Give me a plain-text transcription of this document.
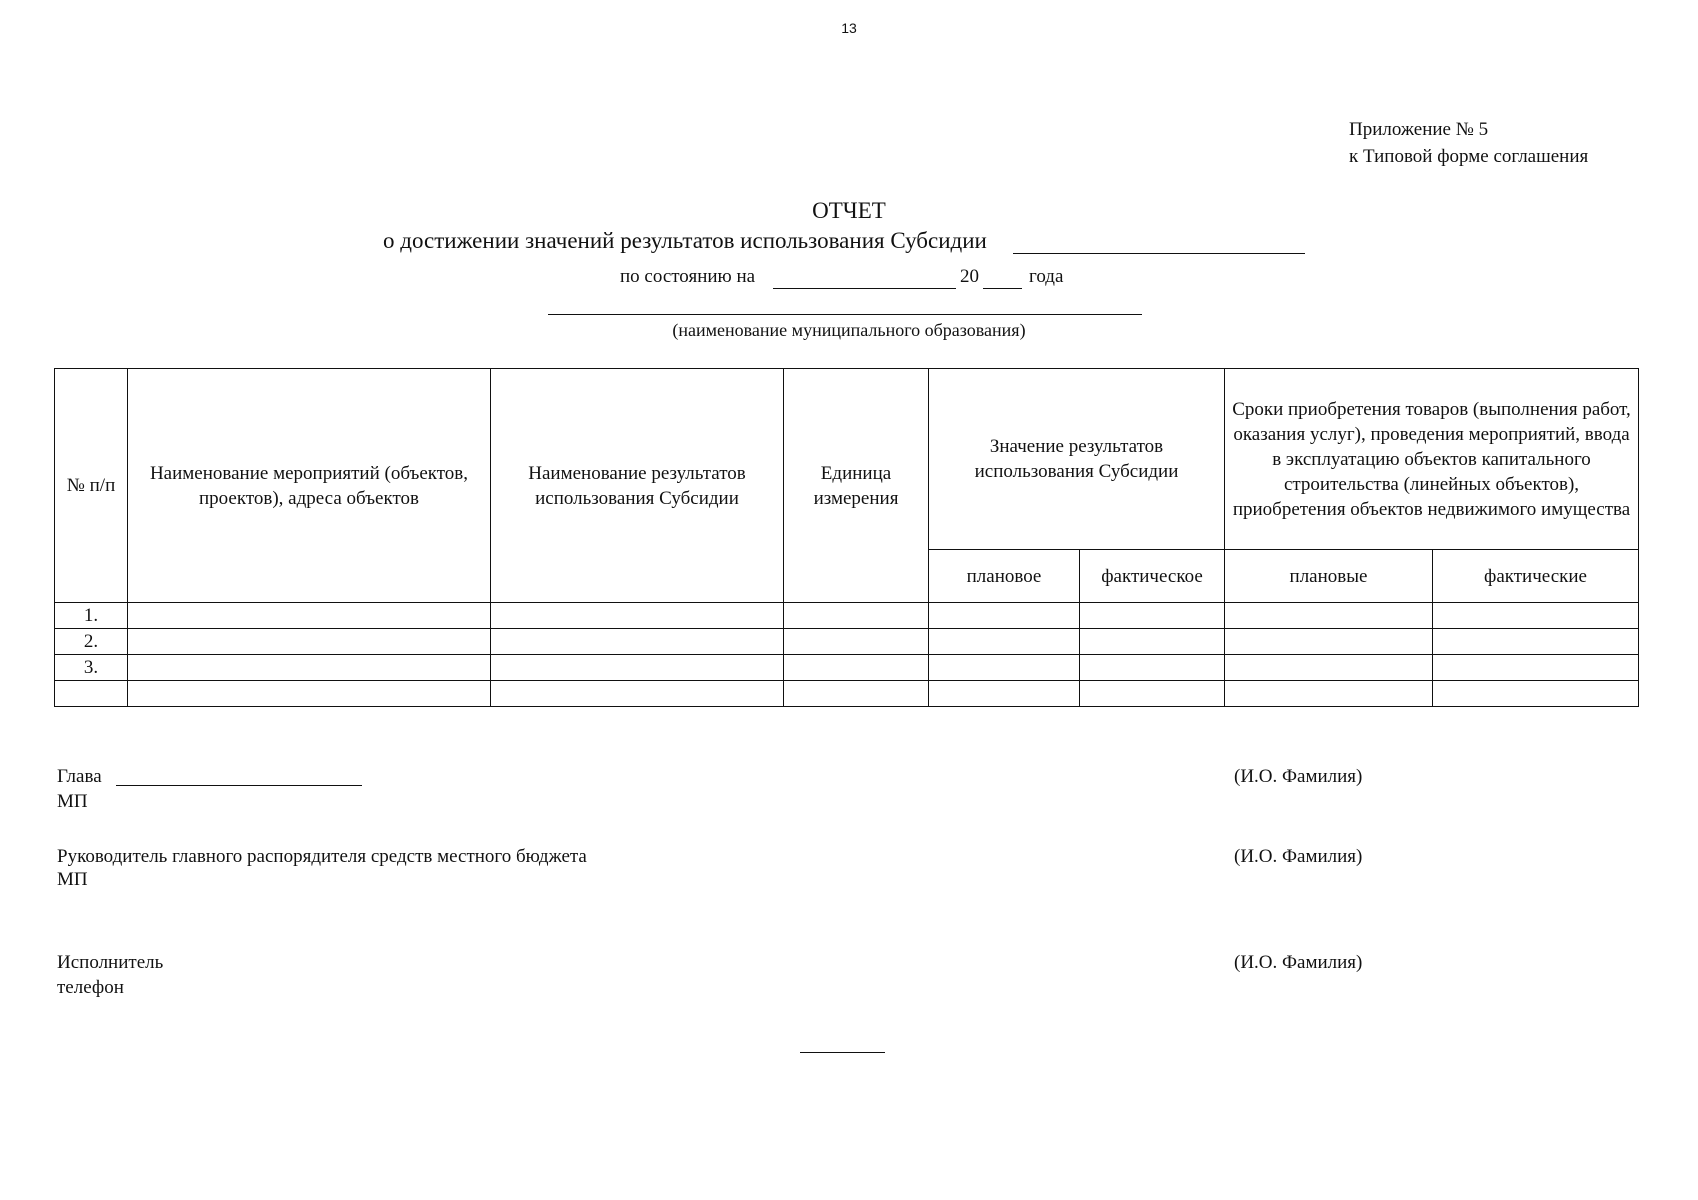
13
Приложение № 5
к Типовой форме соглашения
ОТЧЕТ
о достижении значений результатов использования Субсидии
по состоянию на	20	года
(наименование муниципального образования)
№ п/п	Наименование мероприятий (объектов, проектов), адреса объектов	Наименование результатов использования Субсидии	Единица измерения	Значение результатов использования Субсидии		Сроки приобретения товаров (выполнения работ, оказания услуг), проведения мероприятий, ввода в эксплуатацию объектов капитального строительства (линейных объектов), приобретения объектов недвижимого имущества	
				плановое	фактическое	плановые	фактические
1.							
2.							
3.							

Глава
МП
(И.О. Фамилия)
Руководитель главного распорядителя средств местного бюджета
МП
(И.О. Фамилия)
Исполнитель
телефон
(И.О. Фамилия)
